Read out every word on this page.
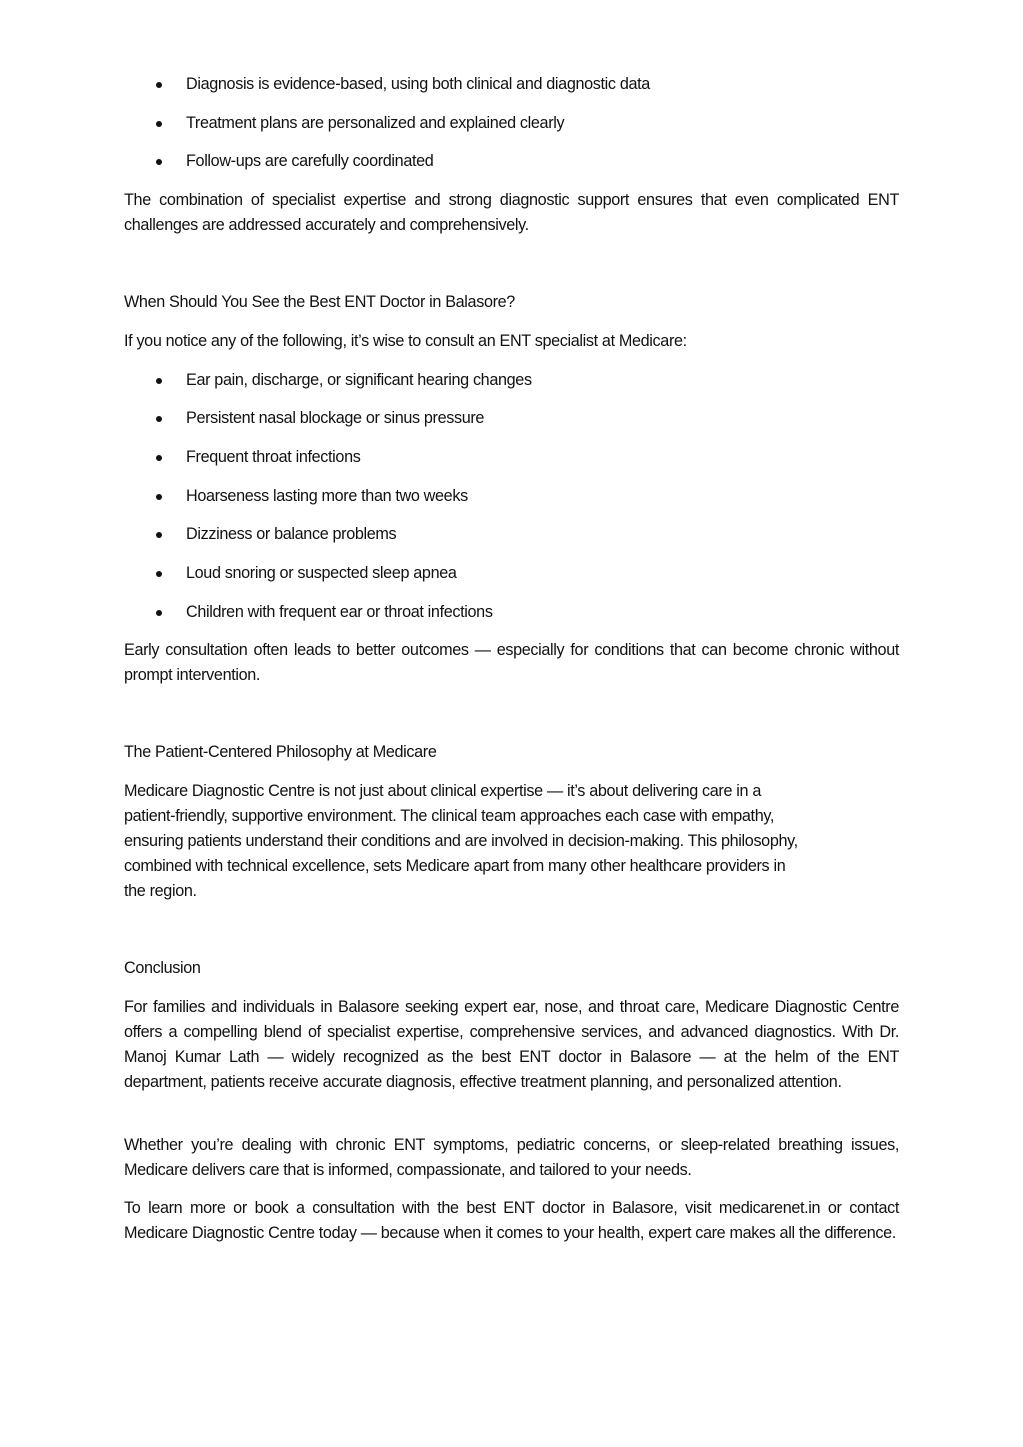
Diagnosis is evidence-based, using both clinical and diagnostic data
Treatment plans are personalized and explained clearly
Follow-ups are carefully coordinated

The combination of specialist expertise and strong diagnostic support ensures that even complicated ENT challenges are addressed accurately and comprehensively.

When Should You See the Best ENT Doctor in Balasore?
If you notice any of the following, it’s wise to consult an ENT specialist at Medicare:
Ear pain, discharge, or significant hearing changes
Persistent nasal blockage or sinus pressure
Frequent throat infections
Hoarseness lasting more than two weeks
Dizziness or balance problems
Loud snoring or suspected sleep apnea
Children with frequent ear or throat infections

Early consultation often leads to better outcomes — especially for conditions that can become chronic without prompt intervention.

The Patient-Centered Philosophy at Medicare
Medicare Diagnostic Centre is not just about clinical expertise — it’s about delivering care in a
patient-friendly, supportive environment. The clinical team approaches each case with empathy,
ensuring patients understand their conditions and are involved in decision-making. This philosophy,
combined with technical excellence, sets Medicare apart from many other healthcare providers in
the region.
Conclusion

For families and individuals in Balasore seeking expert ear, nose, and throat care, Medicare Diagnostic Centre offers a compelling blend of specialist expertise, comprehensive services, and advanced diagnostics. With Dr. Manoj Kumar Lath — widely recognized as the best ENT doctor in Balasore — at the helm of the ENT department, patients receive accurate diagnosis, effective treatment planning, and personalized attention.

Whether you’re dealing with chronic ENT symptoms, pediatric concerns, or sleep-related breathing issues, Medicare delivers care that is informed, compassionate, and tailored to your needs.

To learn more or book a consultation with the best ENT doctor in Balasore, visit medicarenet.in or contact Medicare Diagnostic Centre today — because when it comes to your health, expert care makes all the difference.
